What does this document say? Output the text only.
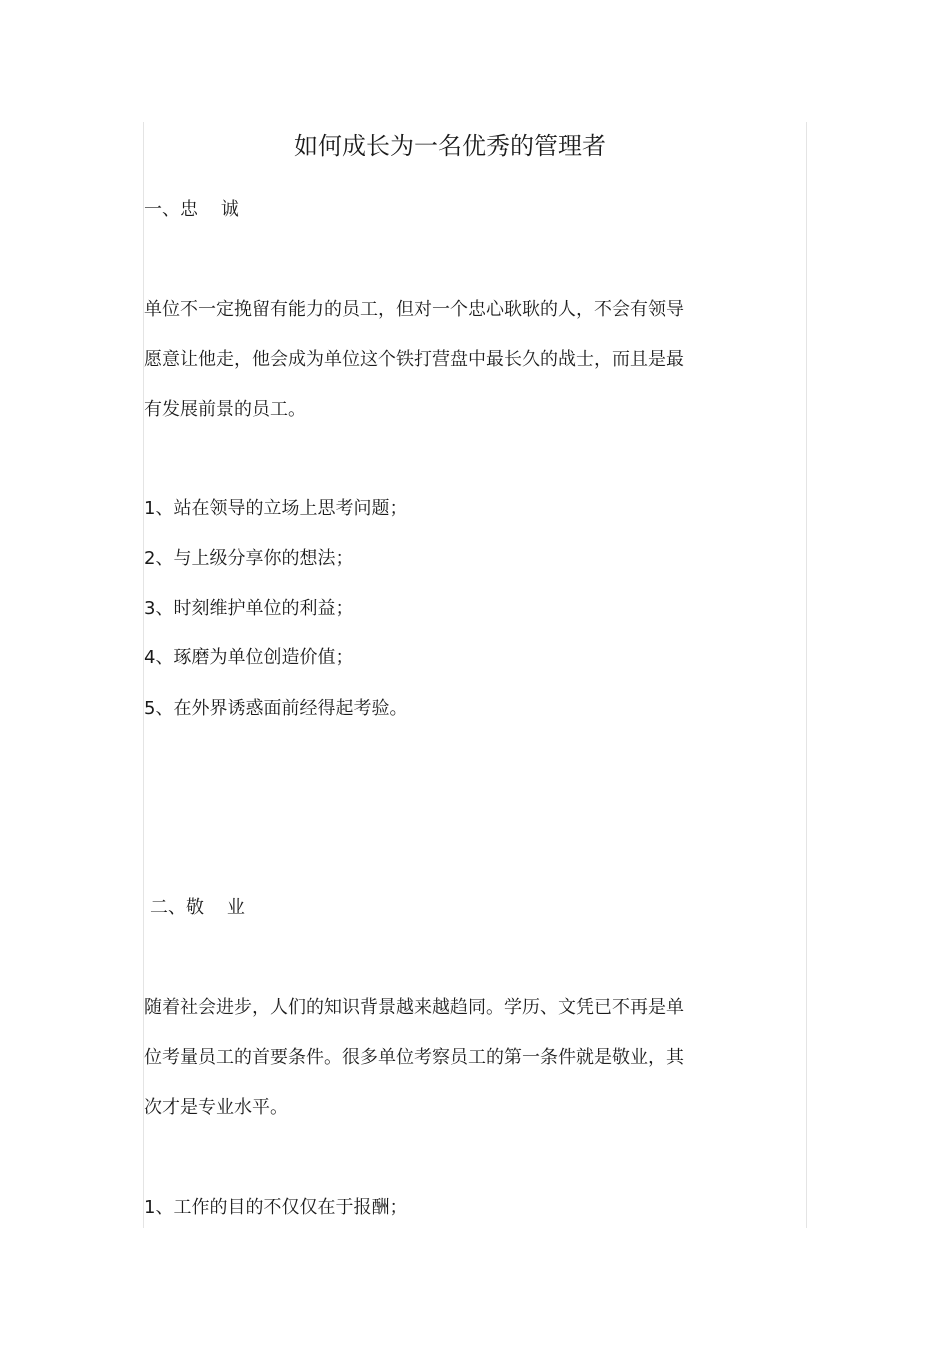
如何成长为一名优秀的管理者
一、忠    诚
单位不一定挽留有能力的员工，但对一个忠心耿耿的人，不会有领导
愿意让他走，他会成为单位这个铁打营盘中最长久的战士，而且是最
有发展前景的员工。
1、站在领导的立场上思考问题；
2、与上级分享你的想法；
3、时刻维护单位的利益；
4、琢磨为单位创造价值；
5、在外界诱惑面前经得起考验。
二、敬    业
随着社会进步，人们的知识背景越来越趋同。学历、文凭已不再是单
位考量员工的首要条件。很多单位考察员工的第一条件就是敬业，其
次才是专业水平。
1、工作的目的不仅仅在于报酬；
